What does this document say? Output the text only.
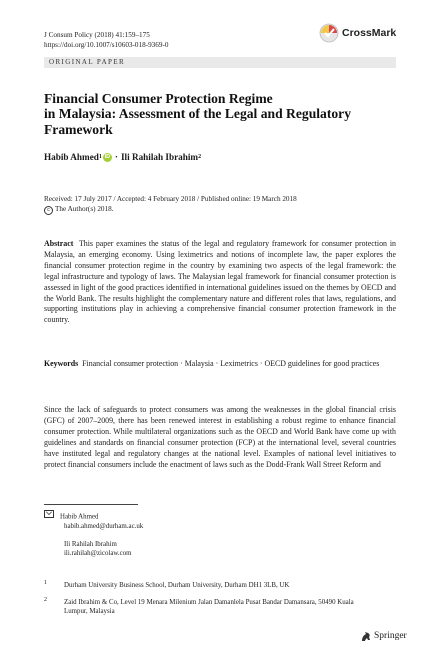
J Consum Policy (2018) 41:159–175
https://doi.org/10.1007/s10603-018-9369-0
CrossMark
ORIGINAL PAPER
Financial Consumer Protection Regime
in Malaysia: Assessment of the Legal and Regulatory
Framework
Habib Ahmed 1 iD · Ili Rahilah Ibrahim 2
Received: 17 July 2017 / Accepted: 4 February 2018 / Published online: 19 March 2018
c The Author(s) 2018.
Abstract This paper examines the status of the legal and regulatory framework for consumer protection in Malaysia, an emerging economy. Using leximetrics and notions of incomplete law, the paper explores the financial consumer protection regime in the country by examining two aspects of the legal framework: the legal infrastructure and typology of laws. The Malaysian legal framework for financial consumer protection is assessed in light of the good practices identified in international guidelines issued on the themes by OECD and the World Bank. The results highlight the complementary nature and different roles that laws, regulations, and supporting institutions play in achieving a comprehensive financial consumer protection framework in the country.
Keywords Financial consumer protection · Malaysia · Leximetrics · OECD guidelines for good practices
Since the lack of safeguards to protect consumers was among the weaknesses in the global financial crisis (GFC) of 2007–2009, there has been renewed interest in establishing a robust regime to enhance financial consumer protection. While multilateral organizations such as the OECD and World Bank have come up with guidelines and standards on financial consumer protection (FCP) at the international level, several countries have instituted legal and regulatory changes at the national level. Examples of national level initiatives to protect financial consumers include the enactment of laws such as the Dodd-Frank Wall Street Reform and
Habib Ahmed
habib.ahmed@durham.ac.uk
Ili Rahilah Ibrahim
ili.rahilah@zicolaw.com
1	Durham University Business School, Durham University, Durham DH1 3LB, UK
2	Zaid Ibrahim & Co, Level 19 Menara Milenium Jalan Damanlela Pusat Bandar Damansara, 50490 Kuala Lumpur, Malaysia
Springer
